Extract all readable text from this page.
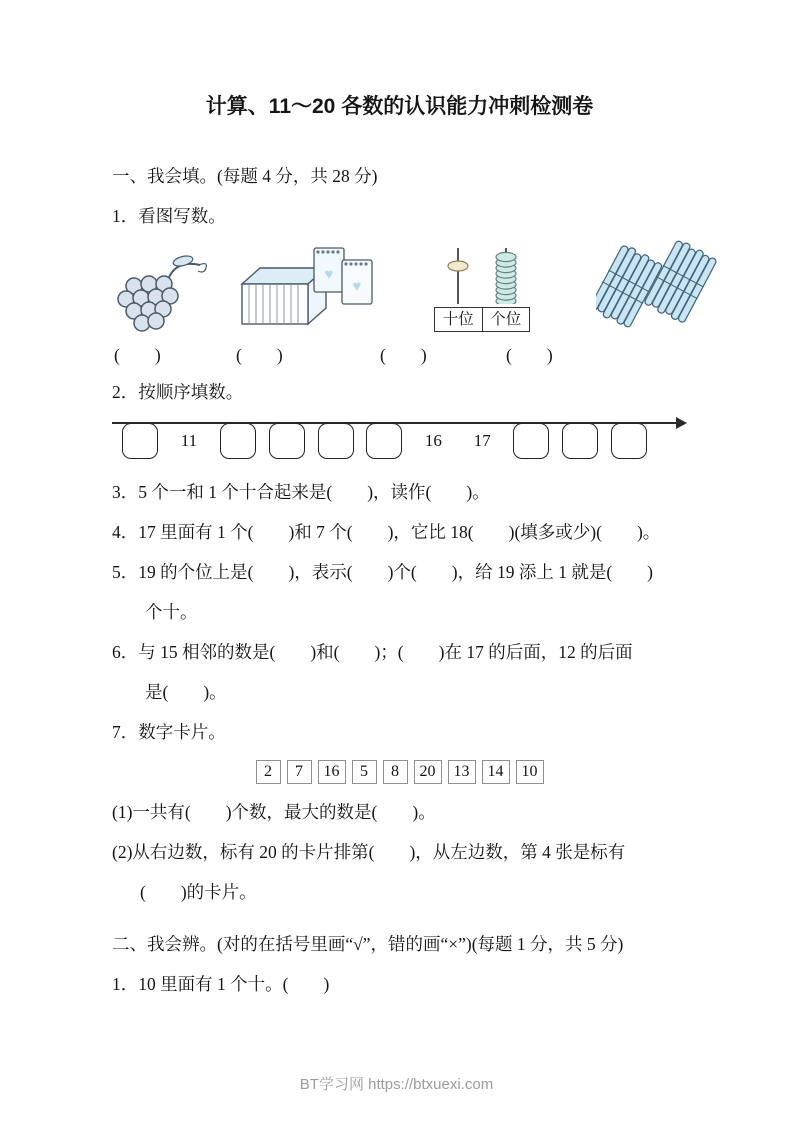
计算、11～20 各数的认识能力冲刺检测卷
一、我会填。(每题 4 分，共 28 分)
1．看图写数。
♥
♥
十位	个位
(　　)	(　　)	(　　)	(　　)
2．按顺序填数。
11	16	17
3．5 个一和 1 个十合起来是(　　)，读作(　　)。
4．17 里面有 1 个(　　)和 7 个(　　)，它比 18(　　)(填多或少)(　　)。
5．19 的个位上是(　　)，表示(　　)个(　　)，给 19 添上 1 就是(　　)
个十。
6．与 15 相邻的数是(　　)和(　　)；(　　)在 17 的后面，12 的后面
是(　　)。
7．数字卡片。
2	7	16	5	8	20	13	14	10
(1)一共有(　　)个数，最大的数是(　　)。
(2)从右边数，标有 20 的卡片排第(　　)，从左边数，第 4 张是标有
(　　)的卡片。
二、我会辨。(对的在括号里画“√”，错的画“×”)(每题 1 分，共 5 分)
1．10 里面有 1 个十。(　　)
BT学习网 https://btxuexi.com
